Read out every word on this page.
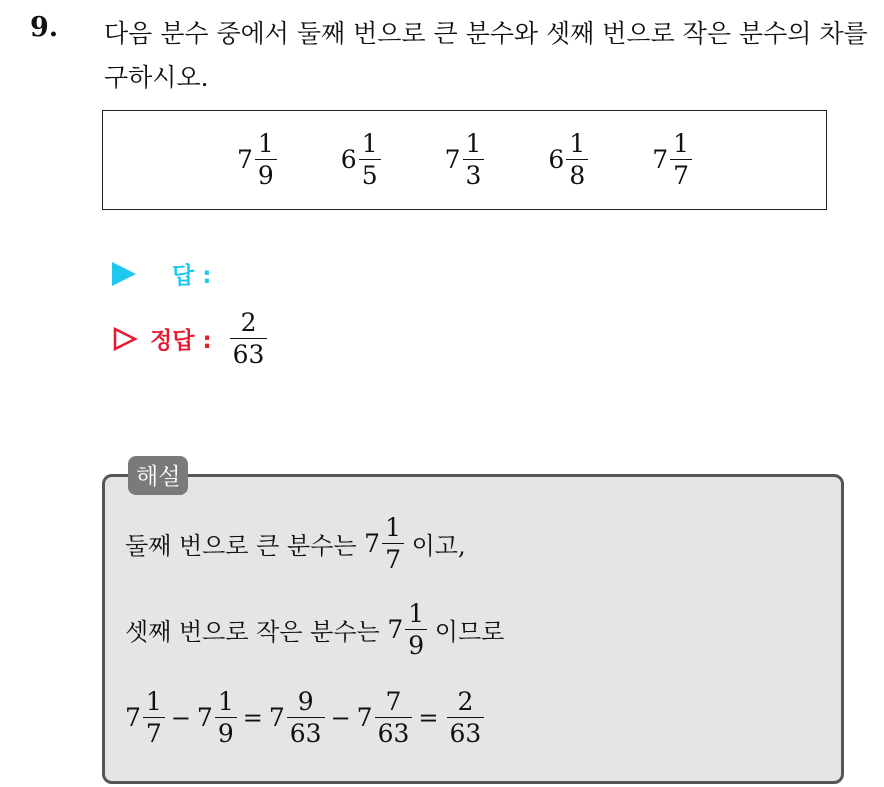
9. 다음 분수 중에서 둘째 번으로 큰 분수와 셋째 번으로 작은 분수의 차를 구하시오.
$7 \frac{1}{9}$	$6 \frac{1}{5}$	$7 \frac{1}{3}$	$6 \frac{1}{8}$	$7 \frac{1}{7}$
답 :
정답 : $\frac{2}{63}$
둘째 번으로 큰 분수는 $7 \frac{1}{7}$ 이고,
셋째 번으로 작은 분수는 $7 \frac{1}{9}$ 이므로
$7 \frac{1}{7} - 7 \frac{1}{9} = 7 \frac{9}{63} - 7 \frac{7}{63} = \frac{2}{63}$
해설
